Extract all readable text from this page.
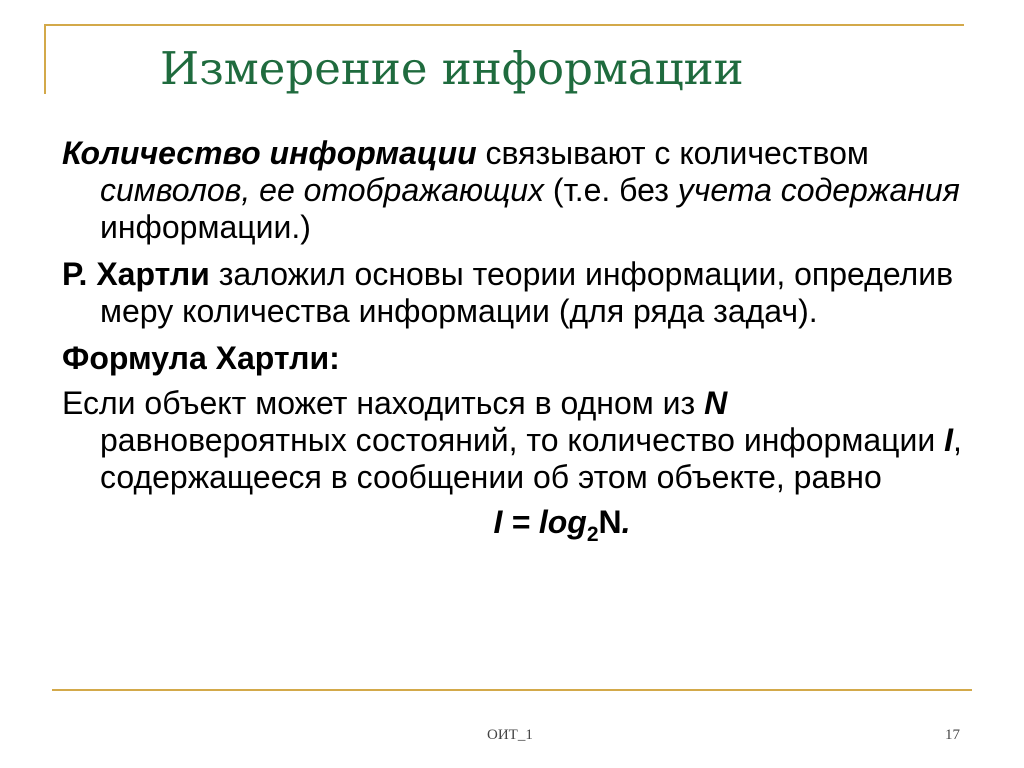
Измерение информации

Количество информации связывают с количеством символов, ее отображающих (т.е. без учета содержания информации.)

Р. Хартли заложил основы теории информации, определив меру количества информации (для ряда задач).

Формула Хартли:

Если объект может находиться в одном из N равновероятных состояний, то количество информации I, содержащееся в сообщении об этом объекте, равно

$I = \log_2N$.
ОИТ_1	17
